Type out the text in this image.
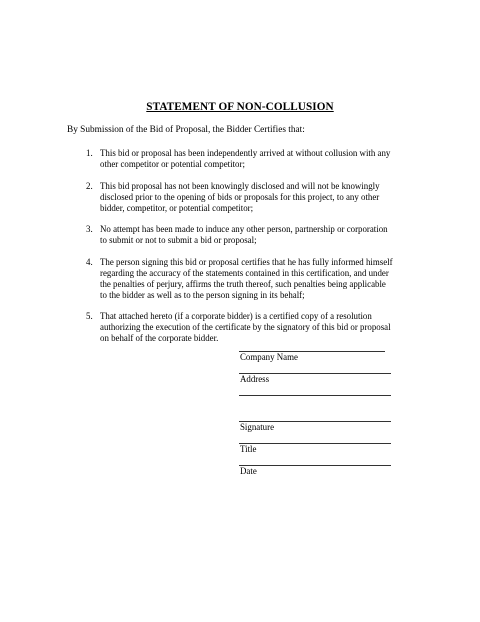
STATEMENT OF NON-COLLUSION
By Submission of the Bid of Proposal, the Bidder Certifies that:
1. This bid or proposal has been independently arrived at without collusion with any
other competitor or potential competitor;
2. This bid proposal has not been knowingly disclosed and will not be knowingly
disclosed prior to the opening of bids or proposals for this project, to any other
bidder, competitor, or potential competitor;
3. No attempt has been made to induce any other person, partnership or corporation
to submit or not to submit a bid or proposal;
4. The person signing this bid or proposal certifies that he has fully informed himself
regarding the accuracy of the statements contained in this certification, and under
the penalties of perjury, affirms the truth thereof, such penalties being applicable
to the bidder as well as to the person signing in its behalf;
5. That attached hereto (if a corporate bidder) is a certified copy of a resolution
authorizing the execution of the certificate by the signatory of this bid or proposal
on behalf of the corporate bidder.
Company Name
Address
Signature
Title
Date
